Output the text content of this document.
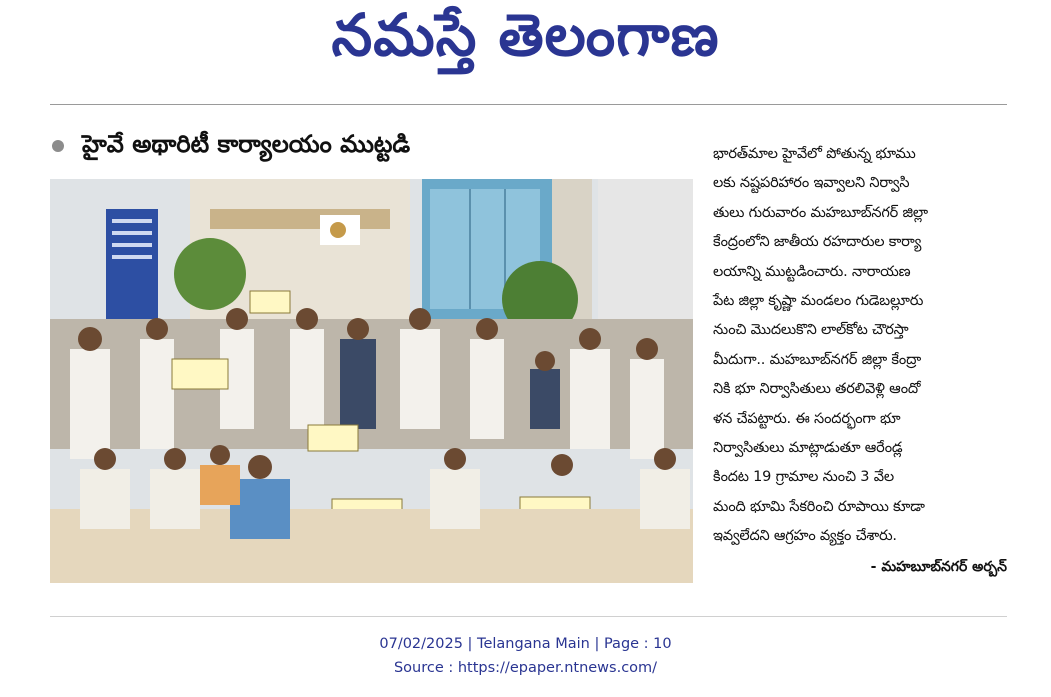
నమస్తే తెలంగాణ
హైవే అథారిటీ కార్యాలయం ముట్టడి	భారత్‌మాల హైవేలో పోతున్న భూము
లకు నష్టపరిహారం ఇవ్వాలని నిర్వాసి
తులు గురువారం మహబూబ్‌నగర్ జిల్లా
కేంద్రంలోని జాతీయ రహదారుల కార్యా
లయాన్ని ముట్టడించారు. నారాయణ
పేట జిల్లా కృష్ణా మండలం గుడెబల్లూరు
నుంచి మొదలుకొని లాల్‌కోట చౌరస్తా
మీదుగా.. మహబూబ్‌నగర్ జిల్లా కేంద్రా
నికి భూ నిర్వాసితులు తరలివెళ్లి ఆందో
ళన చేపట్టారు. ఈ సందర్భంగా భూ
నిర్వాసితులు మాట్లాడుతూ ఆరేండ్ల
కిందట 19 గ్రామాల నుంచి 3 వేల
మంది భూమి సేకరించి రూపాయి కూడా
ఇవ్వలేదని ఆగ్రహం వ్యక్తం చేశారు.
- మహబూబ్‌నగర్ అర్బన్
07/02/2025 | Telangana Main | Page : 10
Source : https://epaper.ntnews.com/
